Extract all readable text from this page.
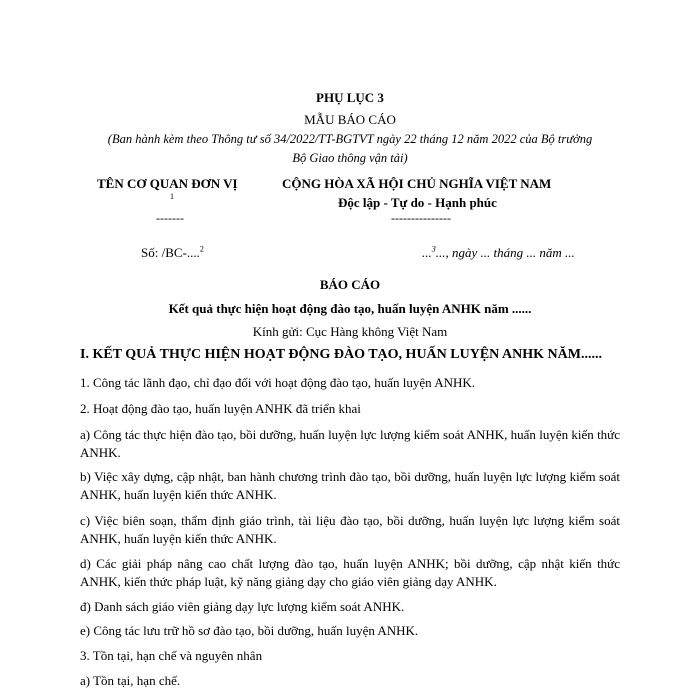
PHỤ LỤC 3
MẪU BÁO CÁO
(Ban hành kèm theo Thông tư số 34/2022/TT-BGTVT ngày 22 tháng 12 năm 2022 của Bộ trưởng
Bộ Giao thông vận tải)
TÊN CƠ QUAN ĐƠN VỊ
1
-------
Số: /BC-....$^2$
CỘNG HÒA XÃ HỘI CHỦ NGHĨA VIỆT NAM
Độc lập - Tự do - Hạnh phúc
---------------
...$^3$..., ngày ... tháng ... năm ...
BÁO CÁO
Kết quả thực hiện hoạt động đào tạo, huấn luyện ANHK năm ......
Kính gửi: Cục Hàng không Việt Nam
I. KẾT QUẢ THỰC HIỆN HOẠT ĐỘNG ĐÀO TẠO, HUẤN LUYỆN ANHK NĂM......
1. Công tác lãnh đạo, chỉ đạo đối với hoạt động đào tạo, huấn luyện ANHK.
2. Hoạt động đào tạo, huấn luyện ANHK đã triển khai
a) Công tác thực hiện đào tạo, bồi dưỡng, huấn luyện lực lượng kiểm soát ANHK, huấn luyện kiến thức ANHK.
b) Việc xây dựng, cập nhật, ban hành chương trình đào tạo, bồi dưỡng, huấn luyện lực lượng kiểm soát ANHK, huấn luyện kiến thức ANHK.
c) Việc biên soạn, thẩm định giáo trình, tài liệu đào tạo, bồi dưỡng, huấn luyện lực lượng kiểm soát ANHK, huấn luyện kiến thức ANHK.
d) Các giải pháp nâng cao chất lượng đào tạo, huấn luyện ANHK; bồi dưỡng, cập nhật kiến thức ANHK, kiến thức pháp luật, kỹ năng giảng dạy cho giáo viên giảng dạy ANHK.
đ) Danh sách giáo viên giảng dạy lực lượng kiểm soát ANHK.
e) Công tác lưu trữ hồ sơ đào tạo, bồi dưỡng, huấn luyện ANHK.
3. Tồn tại, hạn chế và nguyên nhân
a) Tồn tại, hạn chế.
